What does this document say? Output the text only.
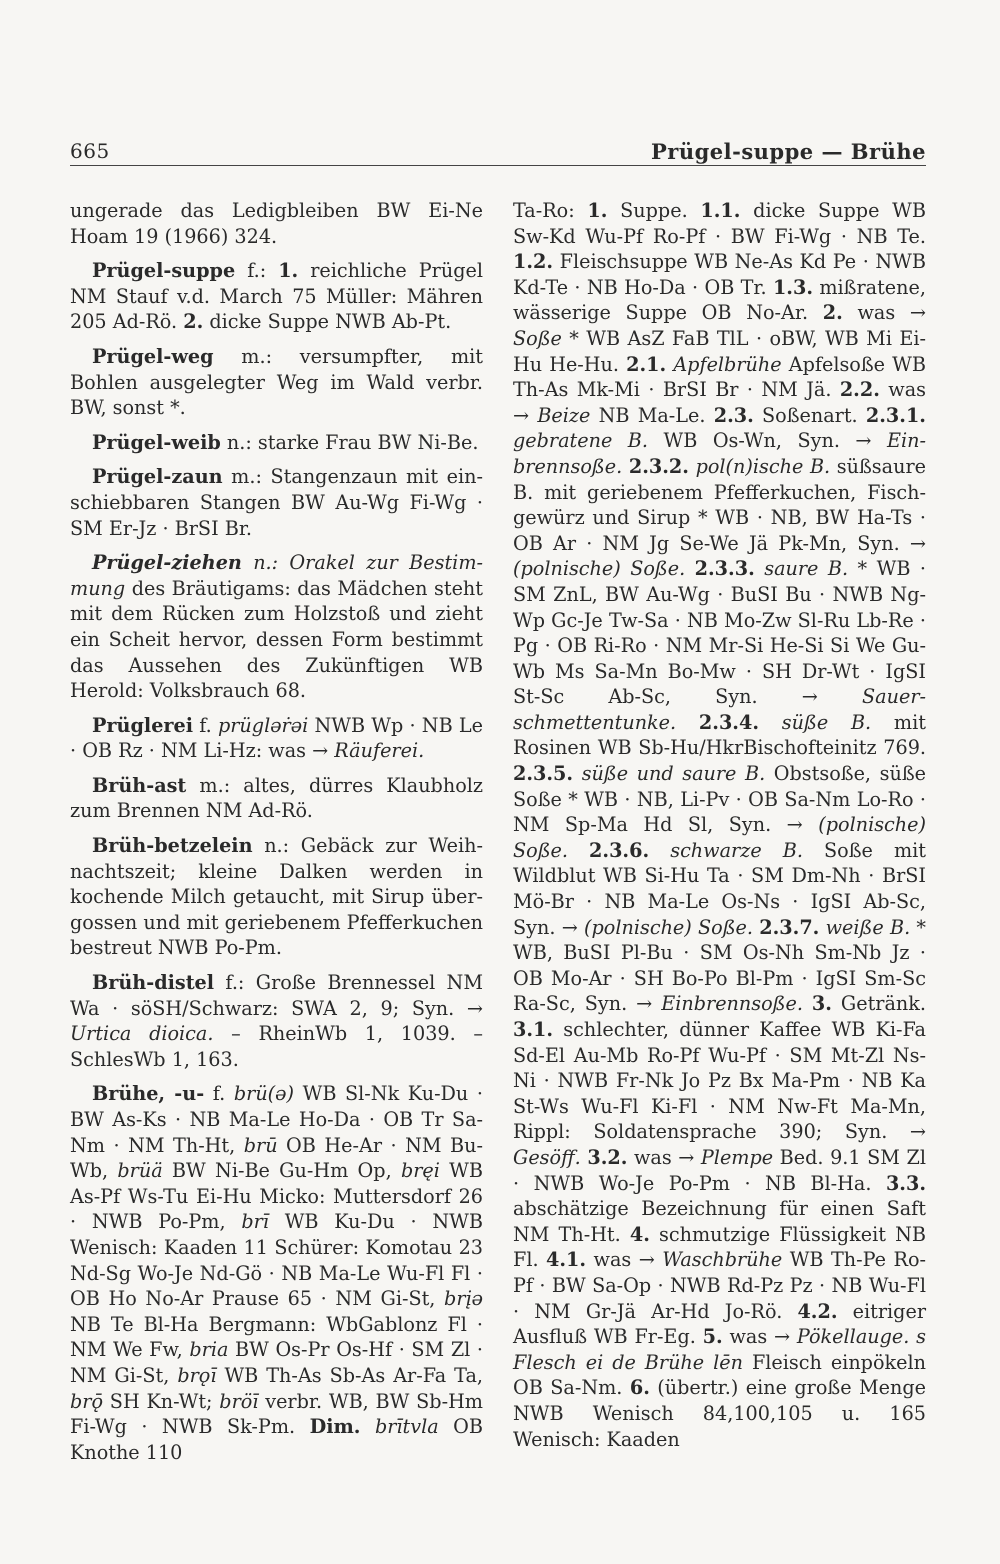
665	Prügel-suppe — Brühe

ungerade das Ledigbleiben BW Ei-Ne Hoam 19 (1966) 324.

Prügel-suppe f.: 1. reichliche Prügel NM Stauf v.d. March 75 Müller: Mähren 205 Ad-Rö. 2. dicke Suppe NWB Ab-Pt.

Prügel-weg m.: versumpfter, mit Bohlen ausgelegter Weg im Wald verbr. BW, sonst *.

Prügel-weib n.: starke Frau BW Ni-Be.

Prügel-zaun m.: Stangenzaun mit einschiebbaren Stangen BW Au-Wg Fi-Wg · SM Er-Jz · BrSI Br.

Prügel-ziehen n.: Orakel zur Bestimmung des Bräutigams: das Mädchen steht mit dem Rücken zum Holzstoß und zieht ein Scheit hervor, dessen Form bestimmt das Aussehen des Zukünftigen WB Herold: Volksbrauch 68.

Prüglerei f. prügləṙəi NWB Wp · NB Le · OB Rz · NM Li-Hz: was → Räuferei.

Brüh-ast m.: altes, dürres Klaubholz zum Brennen NM Ad-Rö.

Brüh-betzelein n.: Gebäck zur Weihnachtszeit; kleine Dalken werden in kochende Milch getaucht, mit Sirup übergossen und mit geriebenem Pfefferkuchen bestreut NWB Po-Pm.

Brüh-distel f.: Große Brennessel NM Wa · söSH/Schwarz: SWA 2, 9; Syn. → Urtica dioica. – RheinWb 1, 1039. – SchlesWb 1, 163.

Brühe, -u- f. brü(ə) WB Sl-Nk Ku-Du · BW As-Ks · NB Ma-Le Ho-Da · OB Tr Sa-Nm · NM Th-Ht, brū OB He-Ar · NM Bu-Wb, brüä BW Ni-Be Gu-Hm Op, bręi WB As-Pf Ws-Tu Ei-Hu Micko: Muttersdorf 26 · NWB Po-Pm, brī WB Ku-Du · NWB Wenisch: Kaaden 11 Schürer: Komotau 23 Nd-Sg Wo-Je Nd-Gö · NB Ma-Le Wu-Fl Fl · OB Ho No-Ar Prause 65 · NM Gi-St, brįə NB Te Bl-Ha Bergmann: WbGablonz Fl · NM We Fw, bria BW Os-Pr Os-Hf · SM Zl · NM Gi-St, brǫī WB Th-As Sb-As Ar-Fa Ta, brǭ SH Kn-Wt; bröī verbr. WB, BW Sb-Hm Fi-Wg · NWB Sk-Pm. Dim. brītvla OB Knothe 110

Ta-Ro: 1. Suppe. 1.1. dicke Suppe WB Sw-Kd Wu-Pf Ro-Pf · BW Fi-Wg · NB Te. 1.2. Fleischsuppe WB Ne-As Kd Pe · NWB Kd-Te · NB Ho-Da · OB Tr. 1.3. mißratene, wässerige Suppe OB No-Ar. 2. was → Soße * WB AsZ FaB TlL · oBW, WB Mi Ei-Hu He-Hu. 2.1. Apfelbrühe Apfelsoße WB Th-As Mk-Mi · BrSI Br · NM Jä. 2.2. was → Beize NB Ma-Le. 2.3. Soßenart. 2.3.1. gebratene B. WB Os-Wn, Syn. → Einbrennsoße. 2.3.2. pol(n)ische B. süßsaure B. mit geriebenem Pfefferkuchen, Fischgewürz und Sirup * WB · NB, BW Ha-Ts · OB Ar · NM Jg Se-We Jä Pk-Mn, Syn. → (polnische) Soße. 2.3.3. saure B. * WB · SM ZnL, BW Au-Wg · BuSI Bu · NWB Ng-Wp Gc-Je Tw-Sa · NB Mo-Zw Sl-Ru Lb-Re · Pg · OB Ri-Ro · NM Mr-Si He-Si Si We Gu-Wb Ms Sa-Mn Bo-Mw · SH Dr-Wt · IgSI St-Sc Ab-Sc, Syn. → Sauerschmettentunke. 2.3.4. süße B. mit Rosinen WB Sb-Hu/HkrBischofteinitz 769. 2.3.5. süße und saure B. Obstsoße, süße Soße * WB · NB, Li-Pv · OB Sa-Nm Lo-Ro · NM Sp-Ma Hd Sl, Syn. → (polnische) Soße. 2.3.6. schwarze B. Soße mit Wildblut WB Si-Hu Ta · SM Dm-Nh · BrSI Mö-Br · NB Ma-Le Os-Ns · IgSI Ab-Sc, Syn. → (polnische) Soße. 2.3.7. weiße B. * WB, BuSI Pl-Bu · SM Os-Nh Sm-Nb Jz · OB Mo-Ar · SH Bo-Po Bl-Pm · IgSI Sm-Sc Ra-Sc, Syn. → Einbrennsoße. 3. Getränk. 3.1. schlechter, dünner Kaffee WB Ki-Fa Sd-El Au-Mb Ro-Pf Wu-Pf · SM Mt-Zl Ns-Ni · NWB Fr-Nk Jo Pz Bx Ma-Pm · NB Ka St-Ws Wu-Fl Ki-Fl · NM Nw-Ft Ma-Mn, Rippl: Soldatensprache 390; Syn. → Gesöff. 3.2. was → Plempe Bed. 9.1 SM Zl · NWB Wo-Je Po-Pm · NB Bl-Ha. 3.3. abschätzige Bezeichnung für einen Saft NM Th-Ht. 4. schmutzige Flüssigkeit NB Fl. 4.1. was → Waschbrühe WB Th-Pe Ro-Pf · BW Sa-Op · NWB Rd-Pz Pz · NB Wu-Fl · NM Gr-Jä Ar-Hd Jo-Rö. 4.2. eitriger Ausfluß WB Fr-Eg. 5. was → Pökellauge. s Flesch ei de Brühe lēn Fleisch einpökeln OB Sa-Nm. 6. (übertr.) eine große Menge NWB Wenisch 84,100,105 u. 165 Wenisch: Kaaden
